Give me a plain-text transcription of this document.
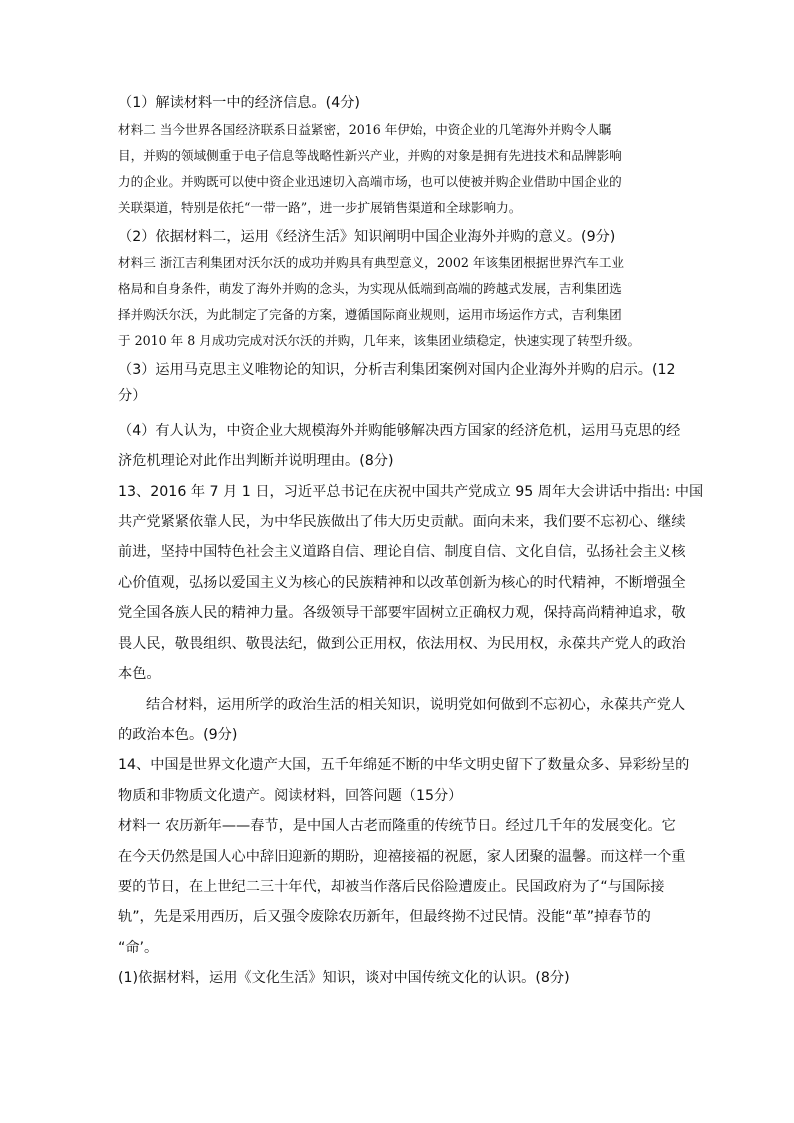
（1）解读材料一中的经济信息。(4分)
材料二 当今世界各国经济联系日益紧密，2016 年伊始，中资企业的几笔海外并购令人瞩
目，并购的领域侧重于电子信息等战略性新兴产业，并购的对象是拥有先进技术和品牌影响
力的企业。并购既可以使中资企业迅速切入高端市场，也可以使被并购企业借助中国企业的
关联渠道，特别是依托“一带一路”，进一步扩展销售渠道和全球影响力。
（2）依据材料二，运用《经济生活》知识阐明中国企业海外并购的意义。(9分)
材料三 浙江吉利集团对沃尔沃的成功并购具有典型意义，2002 年该集团根据世界汽车工业
格局和自身条件，萌发了海外并购的念头，为实现从低端到高端的跨越式发展，吉利集团选
择并购沃尔沃，为此制定了完备的方案，遵循国际商业规则，运用市场运作方式，吉利集团
于 2010 年 8 月成功完成对沃尔沃的并购，几年来，该集团业绩稳定，快速实现了转型升级。
（3）运用马克思主义唯物论的知识，分析吉利集团案例对国内企业海外并购的启示。(12
分）
（4）有人认为，中资企业大规模海外并购能够解决西方国家的经济危机，运用马克思的经
济危机理论对此作出判断并说明理由。(8分)
13、2016 年 7 月 1 日，习近平总书记在庆祝中国共产党成立 95 周年大会讲话中指出: 中国
共产党紧紧依靠人民，为中华民族做出了伟大历史贡献。面向未来，我们要不忘初心、继续
前进，坚持中国特色社会主义道路自信、理论自信、制度自信、文化自信，弘扬社会主义核
心价值观，弘扬以爱国主义为核心的民族精神和以改革创新为核心的时代精神，不断增强全
党全国各族人民的精神力量。各级领导干部要牢固树立正确权力观，保持高尚精神追求，敬
畏人民，敬畏组织、敬畏法纪，做到公正用权，依法用权、为民用权，永葆共产党人的政治
本色。
结合材料，运用所学的政治生活的相关知识，说明党如何做到不忘初心，永葆共产党人
的政治本色。(9分)
14、中国是世界文化遗产大国，五千年绵延不断的中华文明史留下了数量众多、异彩纷呈的
物质和非物质文化遗产。阅读材料，回答问题（15分）
材料一 农历新年——春节，是中国人古老而隆重的传统节日。经过几千年的发展变化。它
在今天仍然是国人心中辞旧迎新的期盼，迎禧接福的祝愿，家人团聚的温馨。而这样一个重
要的节日，在上世纪二三十年代，却被当作落后民俗险遭废止。民国政府为了“与国际接
轨”，先是采用西历，后又强令废除农历新年，但最终拗不过民情。没能“革”掉春节的
“命’。
(1)依据材料，运用《文化生活》知识，谈对中国传统文化的认识。(8分)
